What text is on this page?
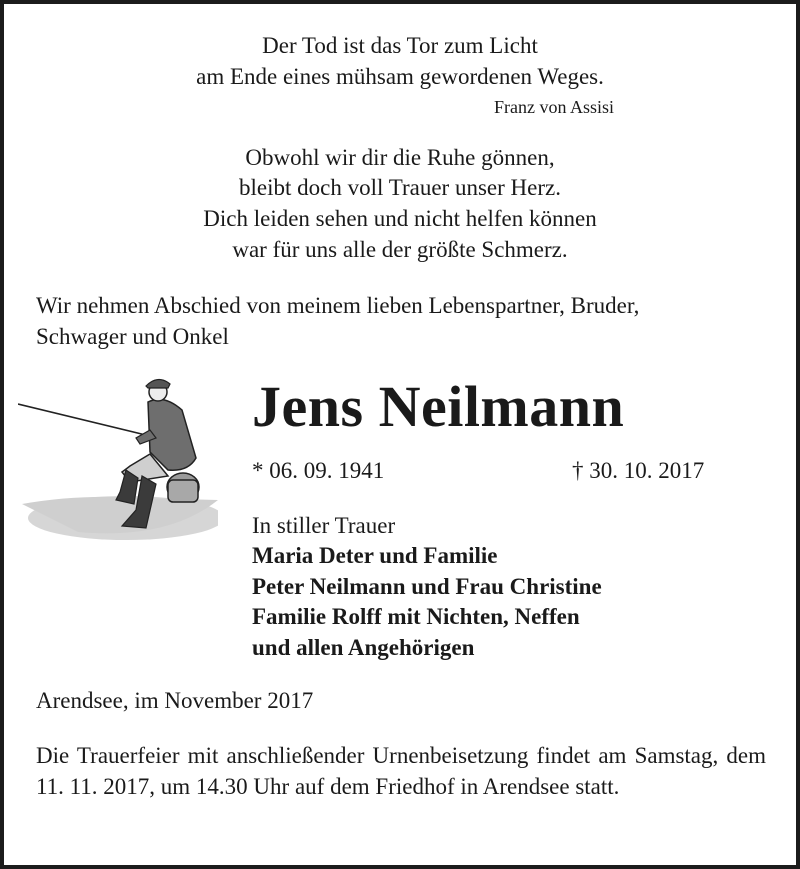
Der Tod ist das Tor zum Licht
am Ende eines mühsam gewordenen Weges.
Franz von Assisi
Obwohl wir dir die Ruhe gönnen,
bleibt doch voll Trauer unser Herz.
Dich leiden sehen und nicht helfen können
war für uns alle der größte Schmerz.
Wir nehmen Abschied von meinem lieben Lebenspartner, Bruder,
Schwager und Onkel
Jens Neilmann
* 06. 09. 1941	† 30. 10. 2017
In stiller Trauer
Maria Deter und Familie
Peter Neilmann und Frau Christine
Familie Rolff mit Nichten, Neffen
und allen Angehörigen
Arendsee, im November 2017
Die Trauerfeier mit anschließender Urnenbeisetzung findet am Samstag, dem 11. 11. 2017, um 14.30 Uhr auf dem Friedhof in Arendsee statt.
